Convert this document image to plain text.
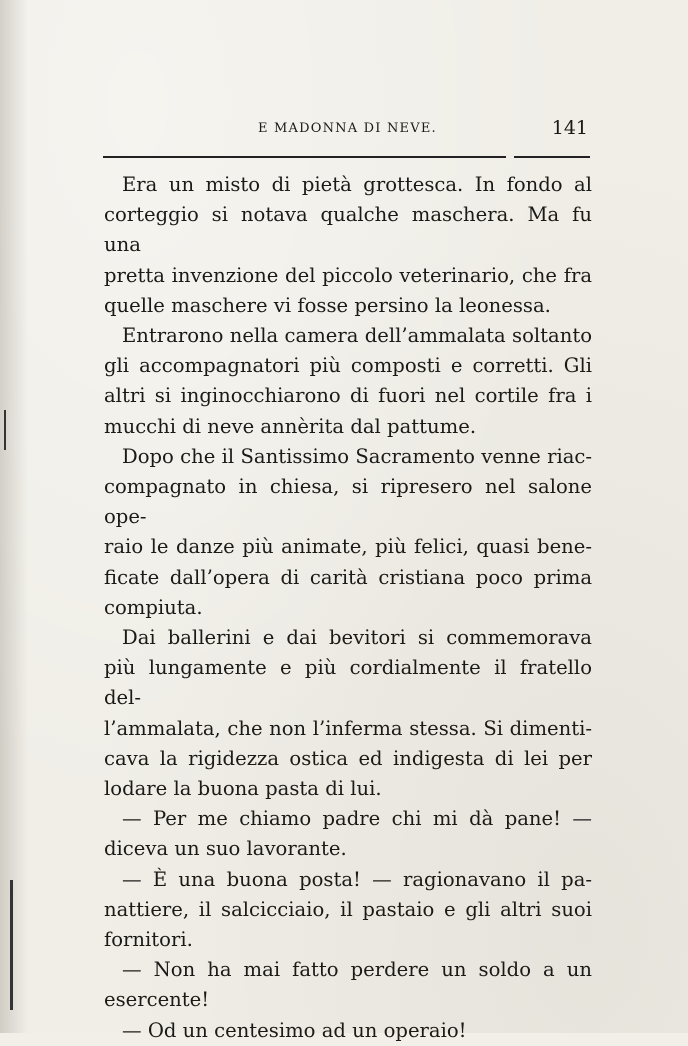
E MADONNA DI NEVE.	141

Era un misto di pietà grottesca. In fondo al

corteggio si notava qualche maschera. Ma fu una

pretta invenzione del piccolo veterinario, che fra

quelle maschere vi fosse persino la leonessa.

Entrarono nella camera dell’ammalata soltanto

gli accompagnatori più composti e corretti. Gli

altri si inginocchiarono di fuori nel cortile fra i

mucchi di neve annèrita dal pattume.

Dopo che il Santissimo Sacramento venne riac-

compagnato in chiesa, si ripresero nel salone ope-

raio le danze più animate, più felici, quasi bene-

ficate dall’opera di carità cristiana poco prima

compiuta.

Dai ballerini e dai bevitori si commemorava

più lungamente e più cordialmente il fratello del-

l’ammalata, che non l’inferma stessa. Si dimenti-

cava la rigidezza ostica ed indigesta di lei per

lodare la buona pasta di lui.

— Per me chiamo padre chi mi dà pane! —

diceva un suo lavorante.

— È una buona posta! — ragionavano il pa-

nattiere, il salcicciaio, il pastaio e gli altri suoi

fornitori.

— Non ha mai fatto perdere un soldo a un

esercente!

— Od un centesimo ad un operaio!
